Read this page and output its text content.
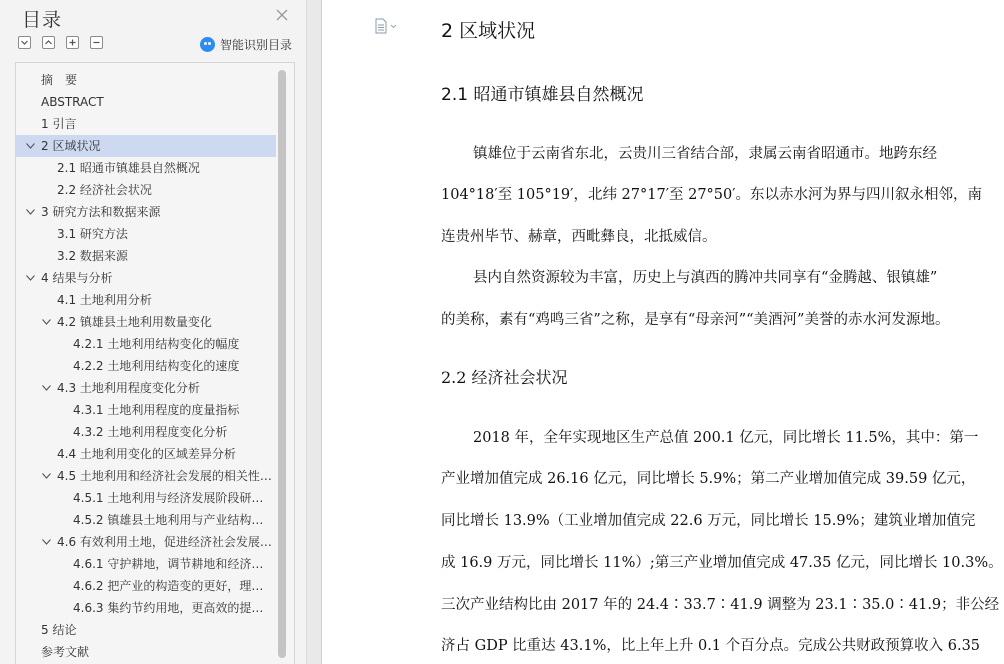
目录
智能识别目录
摘　要
ABSTRACT
1 引言
2 区域状况
2.1 昭通市镇雄县自然概况
2.2 经济社会状况
3 研究方法和数据来源
3.1 研究方法
3.2 数据来源
4 结果与分析
4.1 土地利用分析
4.2 镇雄县土地利用数量变化
4.2.1 土地利用结构变化的幅度
4.2.2 土地利用结构变化的速度
4.3 土地利用程度变化分析
4.3.1 土地利用程度的度量指标
4.3.2 土地利用程度变化分析
4.4 土地利用变化的区域差异分析
4.5 土地利用和经济社会发展的相关性…
4.5.1 土地利用与经济发展阶段研…
4.5.2 镇雄县土地利用与产业结构…
4.6 有效利用土地，促进经济社会发展…
4.6.1 守护耕地，调节耕地和经济…
4.6.2 把产业的构造变的更好，理…
4.6.3 集约节约用地，更高效的提…
5 结论
参考文献
2 区域状况
2.1 昭通市镇雄县自然概况
镇雄位于云南省东北，云贵川三省结合部，隶属云南省昭通市。地跨东经
104°18′至 105°19′，北纬 27°17′至 27°50′。东以赤水河为界与四川叙永相邻，南
连贵州毕节、赫章，西毗彝良，北抵威信。
县内自然资源较为丰富，历史上与滇西的腾冲共同享有“金腾越、银镇雄”
的美称，素有“鸡鸣三省”之称，是享有“母亲河”“美酒河”美誉的赤水河发源地。
2.2 经济社会状况
2018 年，全年实现地区生产总值 200.1 亿元，同比增长 11.5%，其中：第一
产业增加值完成 26.16 亿元，同比增长 5.9%；第二产业增加值完成 39.59 亿元，
同比增长 13.9%（工业增加值完成 22.6 万元，同比增长 15.9%；建筑业增加值完
成 16.9 万元，同比增长 11%）;第三产业增加值完成 47.35 亿元，同比增长 10.3%。
三次产业结构比由 2017 年的 24.4∶33.7∶41.9 调整为 23.1∶35.0∶41.9；非公经
济占 GDP 比重达 43.1%，比上年上升 0.1 个百分点。完成公共财政预算收入 6.35
